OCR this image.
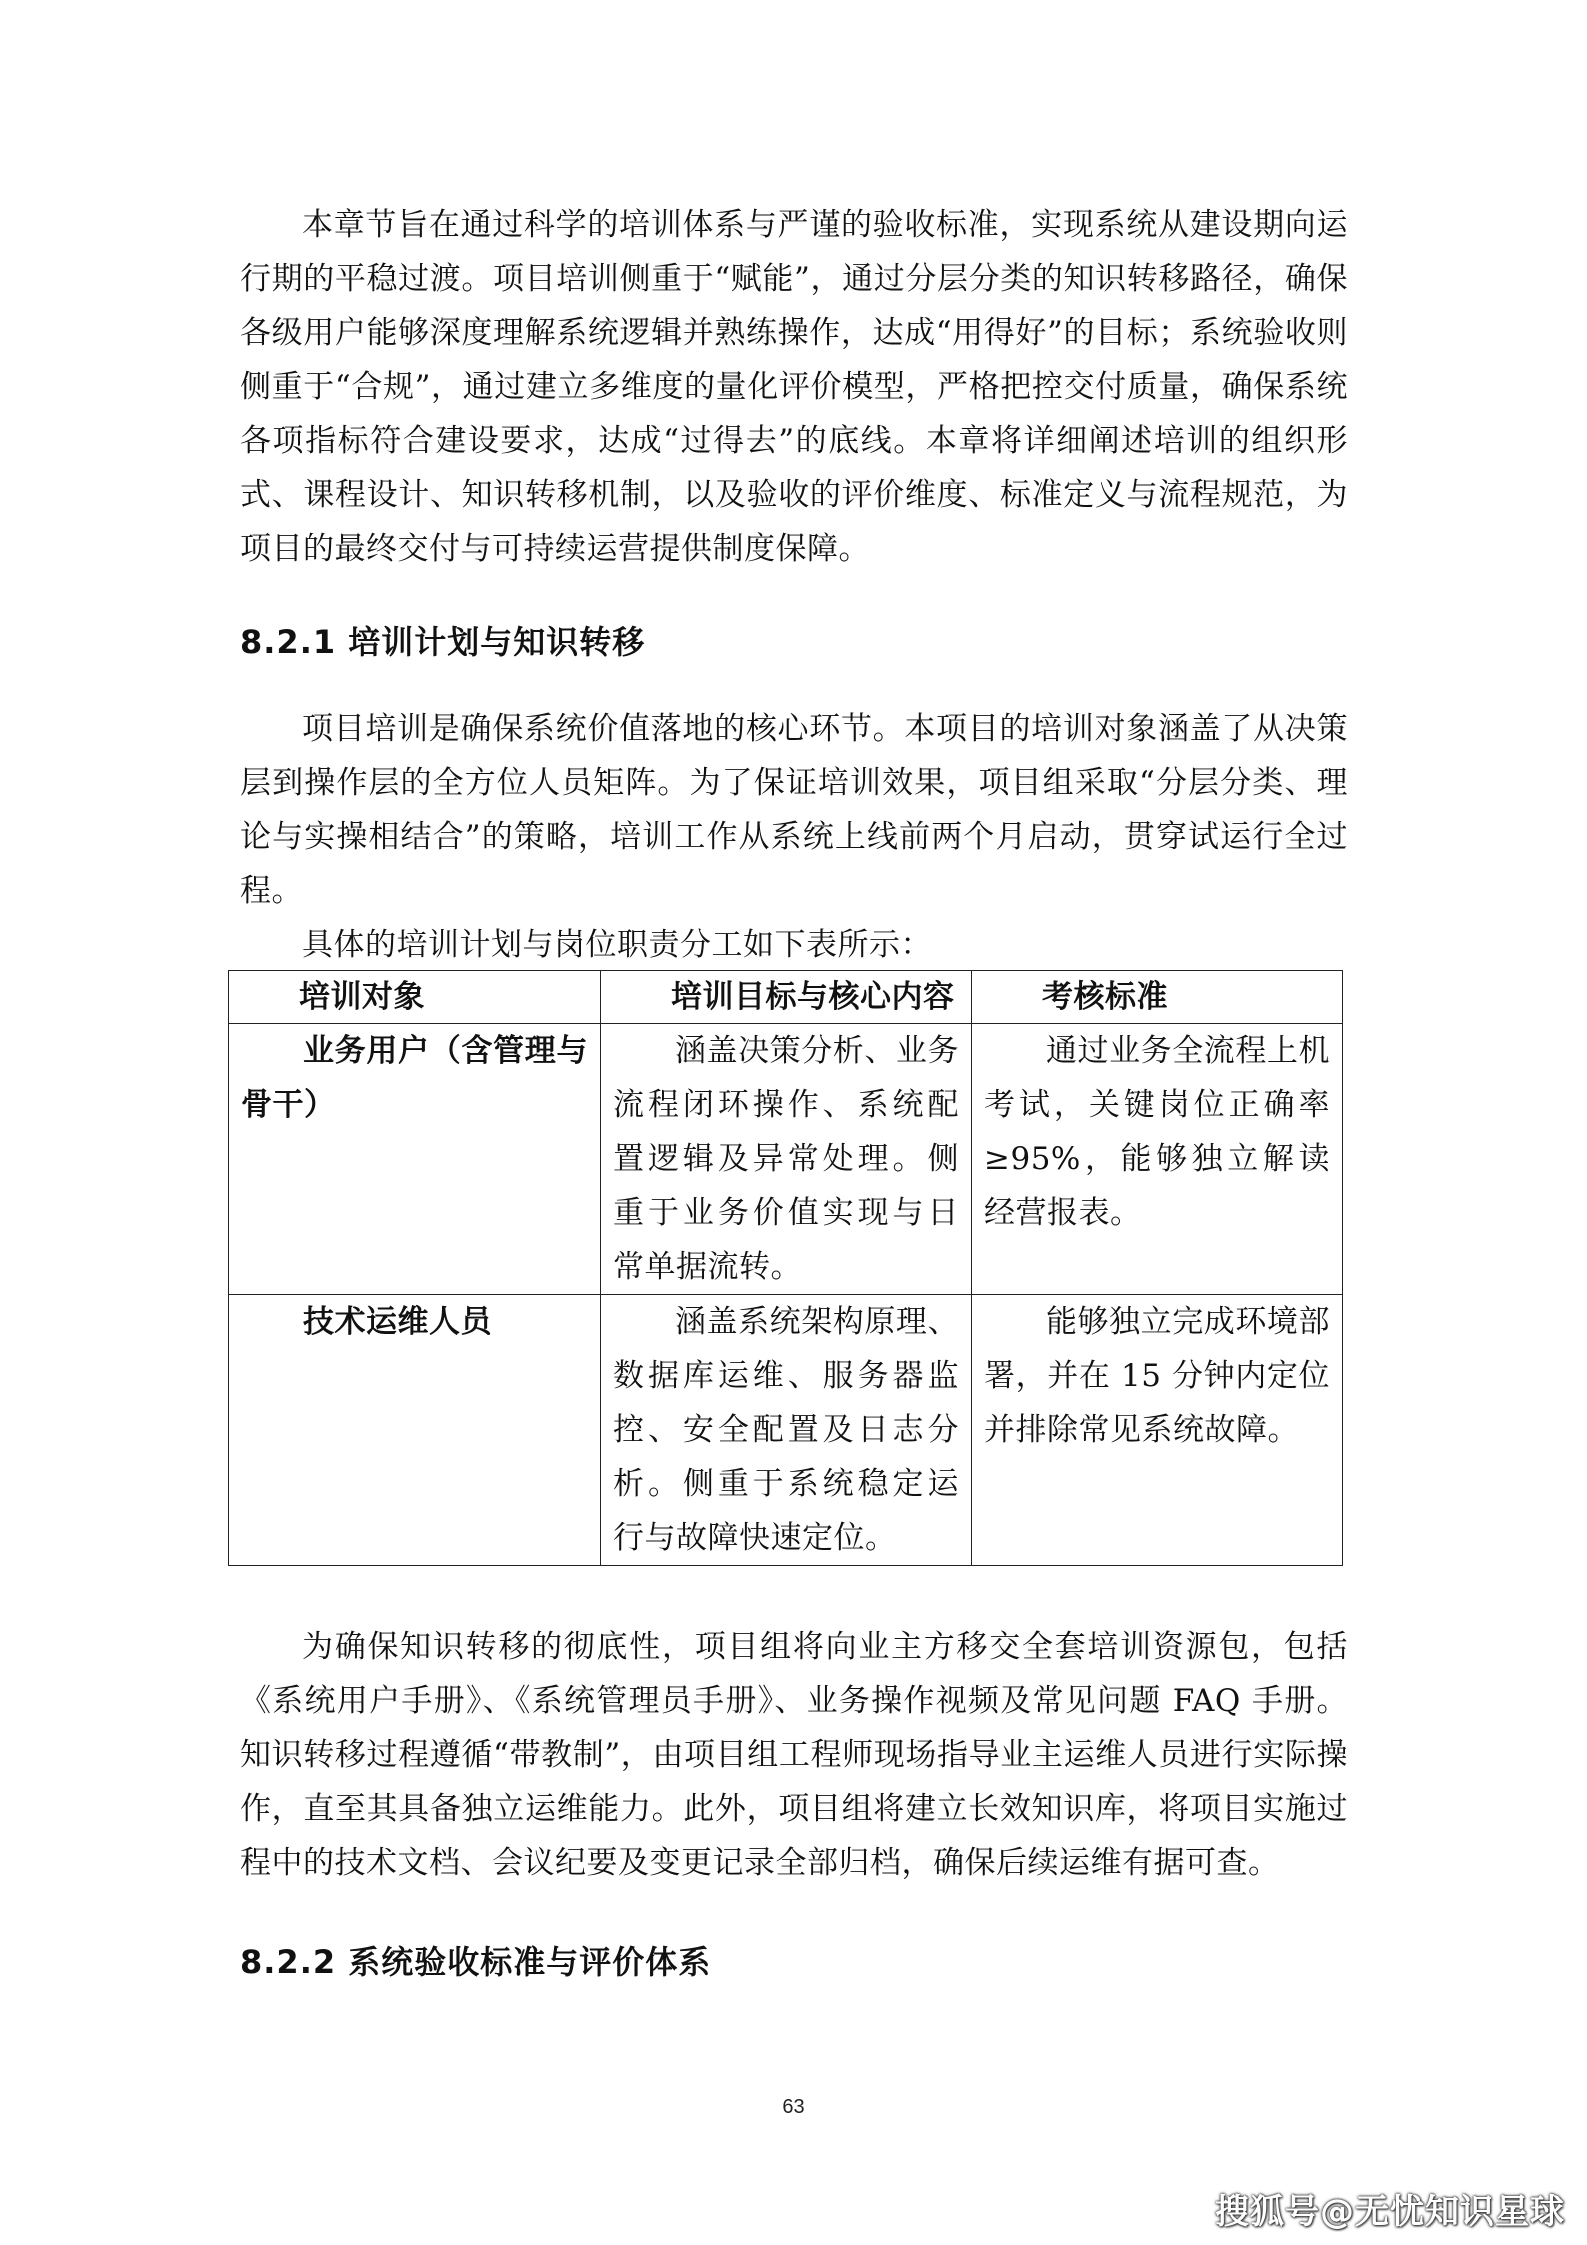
本章节旨在通过科学的培训体系与严谨的验收标准，实现系统从建设期向运行期的平稳过渡。项目培训侧重于“赋能”，通过分层分类的知识转移路径，确保各级用户能够深度理解系统逻辑并熟练操作，达成“用得好”的目标；系统验收则侧重于“合规”，通过建立多维度的量化评价模型，严格把控交付质量，确保系统各项指标符合建设要求，达成“过得去”的底线。本章将详细阐述培训的组织形式、课程设计、知识转移机制，以及验收的评价维度、标准定义与流程规范，为项目的最终交付与可持续运营提供制度保障。

8.2.1 培训计划与知识转移

项目培训是确保系统价值落地的核心环节。本项目的培训对象涵盖了从决策层到操作层的全方位人员矩阵。为了保证培训效果，项目组采取“分层分类、理论与实操相结合”的策略，培训工作从系统上线前两个月启动，贯穿试运行全过程。

具体的培训计划与岗位职责分工如下表所示：

培训对象	培训目标与核心内容	考核标准
业务用户（含管理与骨干）	涵盖决策分析、业务流程闭环操作、系统配置逻辑及异常处理。侧重于业务价值实现与日常单据流转。	通过业务全流程上机考试，关键岗位正确率≥95%，能够独立解读经营报表。
技术运维人员	涵盖系统架构原理、数据库运维、服务器监控、安全配置及日志分析。侧重于系统稳定运行与故障快速定位。	能够独立完成环境部署，并在 15 分钟内定位并排除常见系统故障。

为确保知识转移的彻底性，项目组将向业主方移交全套培训资源包，包括《系统用户手册》、《系统管理员手册》、业务操作视频及常见问题 FAQ 手册。知识转移过程遵循“带教制”，由项目组工程师现场指导业主运维人员进行实际操作，直至其具备独立运维能力。此外，项目组将建立长效知识库，将项目实施过程中的技术文档、会议纪要及变更记录全部归档，确保后续运维有据可查。

8.2.2 系统验收标准与评价体系
63
搜狐号@无忧知识星球
